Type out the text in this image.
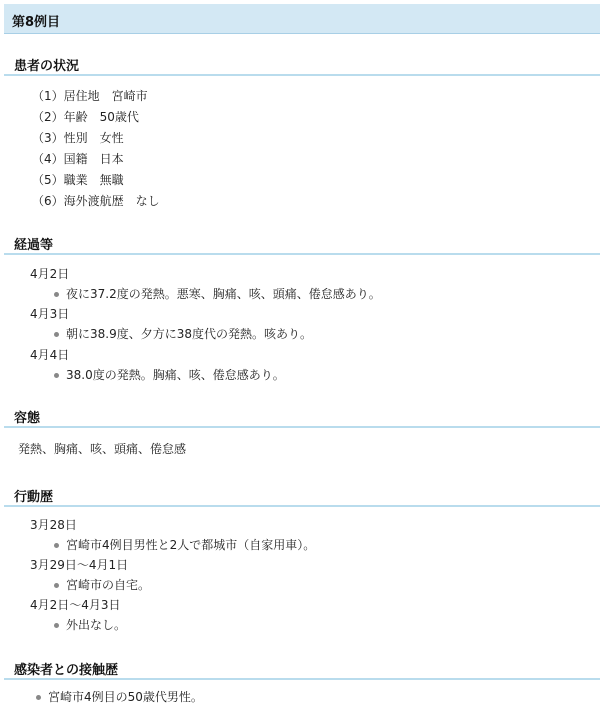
第8例目
患者の状況
（1）居住地　宮崎市
（2）年齢　50歳代
（3）性別　女性
（4）国籍　日本
（5）職業　無職
（6）海外渡航歴　なし
経過等
4月2日
夜に37.2度の発熱。悪寒、胸痛、咳、頭痛、倦怠感あり。
4月3日
朝に38.9度、夕方に38度代の発熱。咳あり。
4月4日
38.0度の発熱。胸痛、咳、倦怠感あり。
容態
発熱、胸痛、咳、頭痛、倦怠感
行動歴
3月28日
宮崎市4例目男性と2人で都城市（自家用車）。
3月29日～4月1日
宮崎市の自宅。
4月2日～4月3日
外出なし。
感染者との接触歴
宮崎市4例目の50歳代男性。
